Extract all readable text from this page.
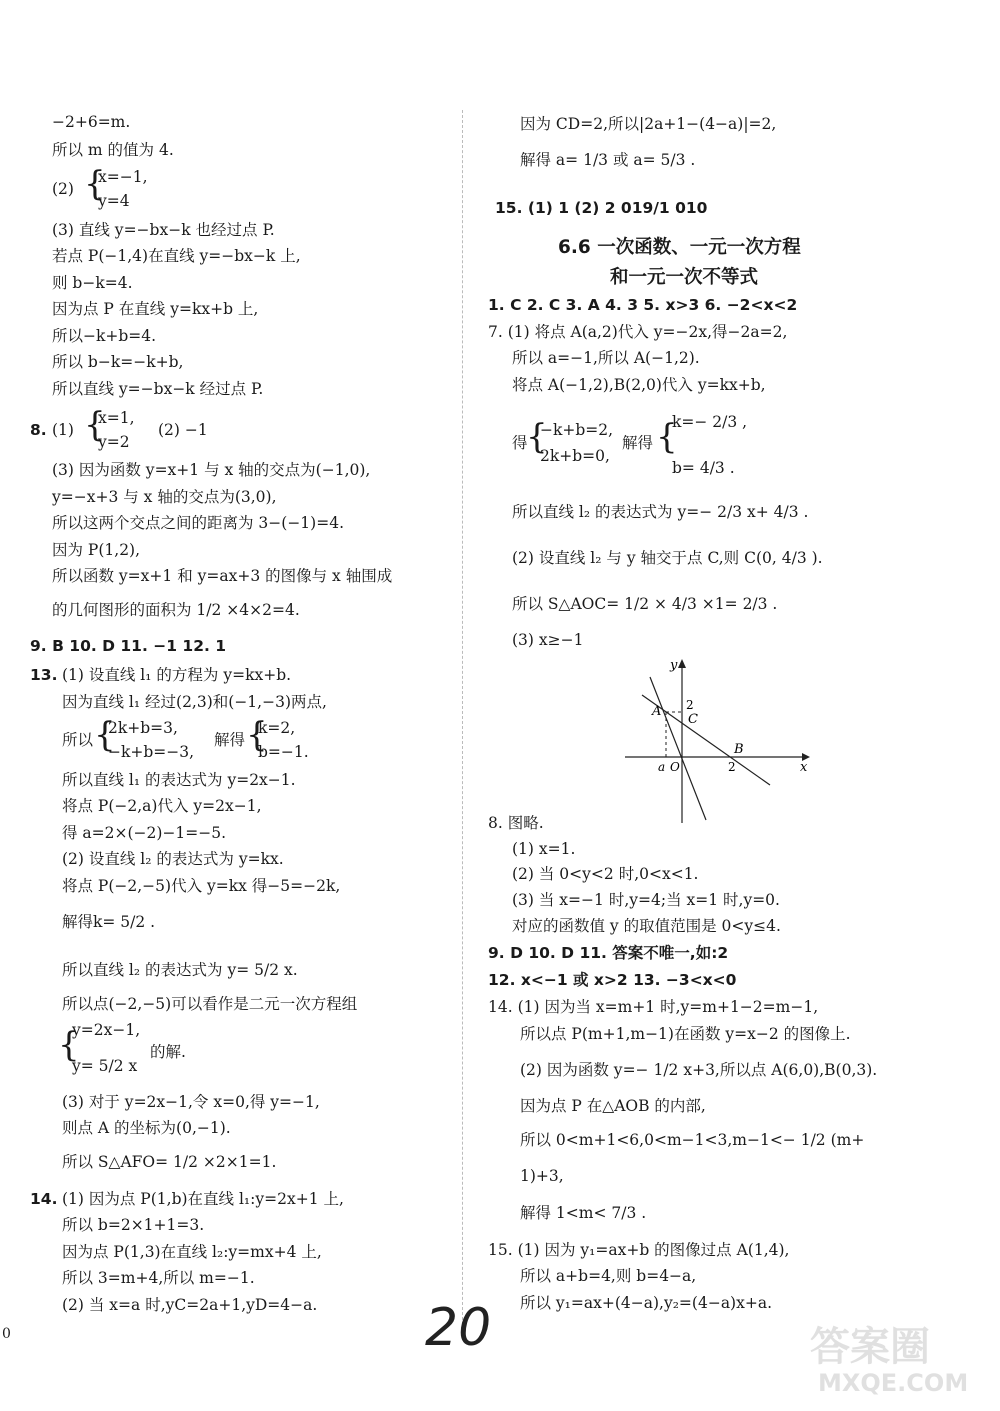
−2+6=m.
所以 m 的值为 4.
(2) {
x=−1,
y=4
(3) 直线 y=−bx−k 也经过点 P.
若点 P(−1,4)在直线 y=−bx−k 上,
则 b−k=4.
因为点 P 在直线 y=kx+b 上,
所以−k+b=4.
所以 b−k=−k+b,
所以直线 y=−bx−k 经过点 P.
8. (1) {
x=1,
y=2
(2) −1
(3) 因为函数 y=x+1 与 x 轴的交点为(−1,0),
y=−x+3 与 x 轴的交点为(3,0),
所以这两个交点之间的距离为 3−(−1)=4.
因为 P(1,2),
所以函数 y=x+1 和 y=ax+3 的图像与 x 轴围成
的几何图形的面积为 1/2 ×4×2=4.
9. B 10. D 11. −1 12. 1
13. (1) 设直线 l₁ 的方程为 y=kx+b.
因为直线 l₁ 经过(2,3)和(−1,−3)两点,
所以 {
2k+b=3,
−k+b=−3,
解得 {
k=2,
b=−1.
所以直线 l₁ 的表达式为 y=2x−1.
将点 P(−2,a)代入 y=2x−1,
得 a=2×(−2)−1=−5.
(2) 设直线 l₂ 的表达式为 y=kx.
将点 P(−2,−5)代入 y=kx 得−5=−2k,
解得k= 5/2 .
所以直线 l₂ 的表达式为 y= 5/2 x.
所以点(−2,−5)可以看作是二元一次方程组
{
y=2x−1,
y= 5/2 x
的解.
(3) 对于 y=2x−1,令 x=0,得 y=−1,
则点 A 的坐标为(0,−1).
所以 S△AFO= 1/2 ×2×1=1.
14. (1) 因为点 P(1,b)在直线 l₁:y=2x+1 上,
所以 b=2×1+1=3.
因为点 P(1,3)在直线 l₂:y=mx+4 上,
所以 3=m+4,所以 m=−1.
(2) 当 x=a 时,yC=2a+1,yD=4−a.
因为 CD=2,所以|2a+1−(4−a)|=2,
解得 a= 1/3 或 a= 5/3 .
15. (1) 1 (2) 2 019/1 010
6.6 一次函数、一元一次方程
和一元一次不等式
1. C 2. C 3. A 4. 3 5. x>3 6. −2<x<2
7. (1) 将点 A(a,2)代入 y=−2x,得−2a=2,
所以 a=−1,所以 A(−1,2).
将点 A(−1,2),B(2,0)代入 y=kx+b,
得
{
−k+b=2,
2k+b=0,
解得 {
k=− 2/3 ,
b= 4/3 .
所以直线 l₂ 的表达式为 y=− 2/3 x+ 4/3 .
(2) 设直线 l₂ 与 y 轴交于点 C,则 C(0, 4/3 ).
所以 S△AOC= 1/2 × 4/3 ×1= 2/3 .
(3) x≥−1
y
x
A 2
C
B
2
a O
8. 图略.
(1) x=1.
(2) 当 0<y<2 时,0<x<1.
(3) 当 x=−1 时,y=4;当 x=1 时,y=0.
对应的函数值 y 的取值范围是 0<y≤4.
9. D 10. D 11. 答案不唯一,如:2
12. x<−1 或 x>2 13. −3<x<0
14. (1) 因为当 x=m+1 时,y=m+1−2=m−1,
所以点 P(m+1,m−1)在函数 y=x−2 的图像上.
(2) 因为函数 y=− 1/2 x+3,所以点 A(6,0),B(0,3).
因为点 P 在△AOB 的内部,
所以 0<m+1<6,0<m−1<3,m−1<− 1/2 (m+
1)+3,
解得 1<m< 7/3 .
15. (1) 因为 y₁=ax+b 的图像过点 A(1,4),
所以 a+b=4,则 b=4−a,
所以 y₁=ax+(4−a),y₂=(4−a)x+a.
0	20	答案圈
MXQE.COM
